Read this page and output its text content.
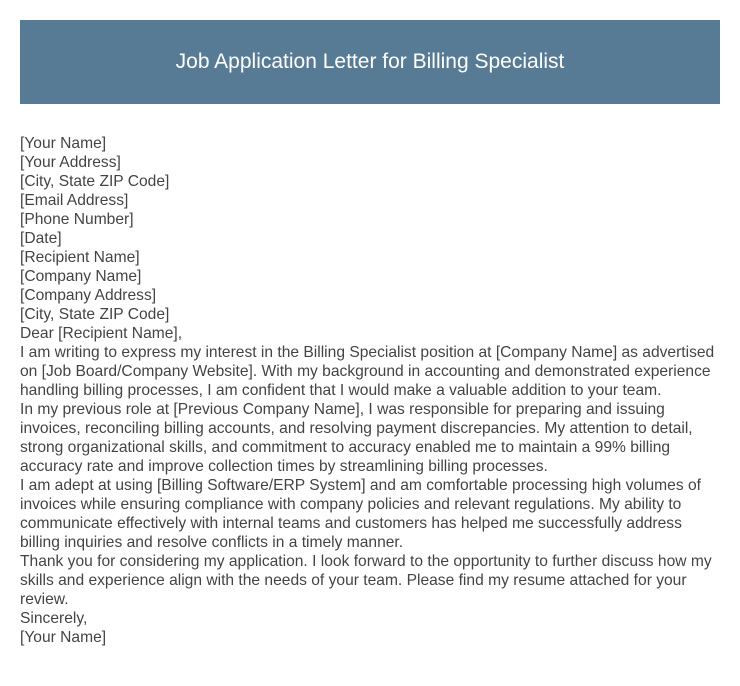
Job Application Letter for Billing Specialist

[Your Name]

[Your Address]

[City, State ZIP Code]

[Email Address]

[Phone Number]

[Date]

[Recipient Name]

[Company Name]

[Company Address]

[City, State ZIP Code]

Dear [Recipient Name],

I am writing to express my interest in the Billing Specialist position at [Company Name] as advertised on [Job Board/Company Website]. With my background in accounting and demonstrated experience handling billing processes, I am confident that I would make a valuable addition to your team.

In my previous role at [Previous Company Name], I was responsible for preparing and issuing invoices, reconciling billing accounts, and resolving payment discrepancies. My attention to detail, strong organizational skills, and commitment to accuracy enabled me to maintain a 99% billing accuracy rate and improve collection times by streamlining billing processes.

I am adept at using [Billing Software/ERP System] and am comfortable processing high volumes of invoices while ensuring compliance with company policies and relevant regulations. My ability to communicate effectively with internal teams and customers has helped me successfully address billing inquiries and resolve conflicts in a timely manner.

Thank you for considering my application. I look forward to the opportunity to further discuss how my skills and experience align with the needs of your team. Please find my resume attached for your review.

Sincerely,

[Your Name]
